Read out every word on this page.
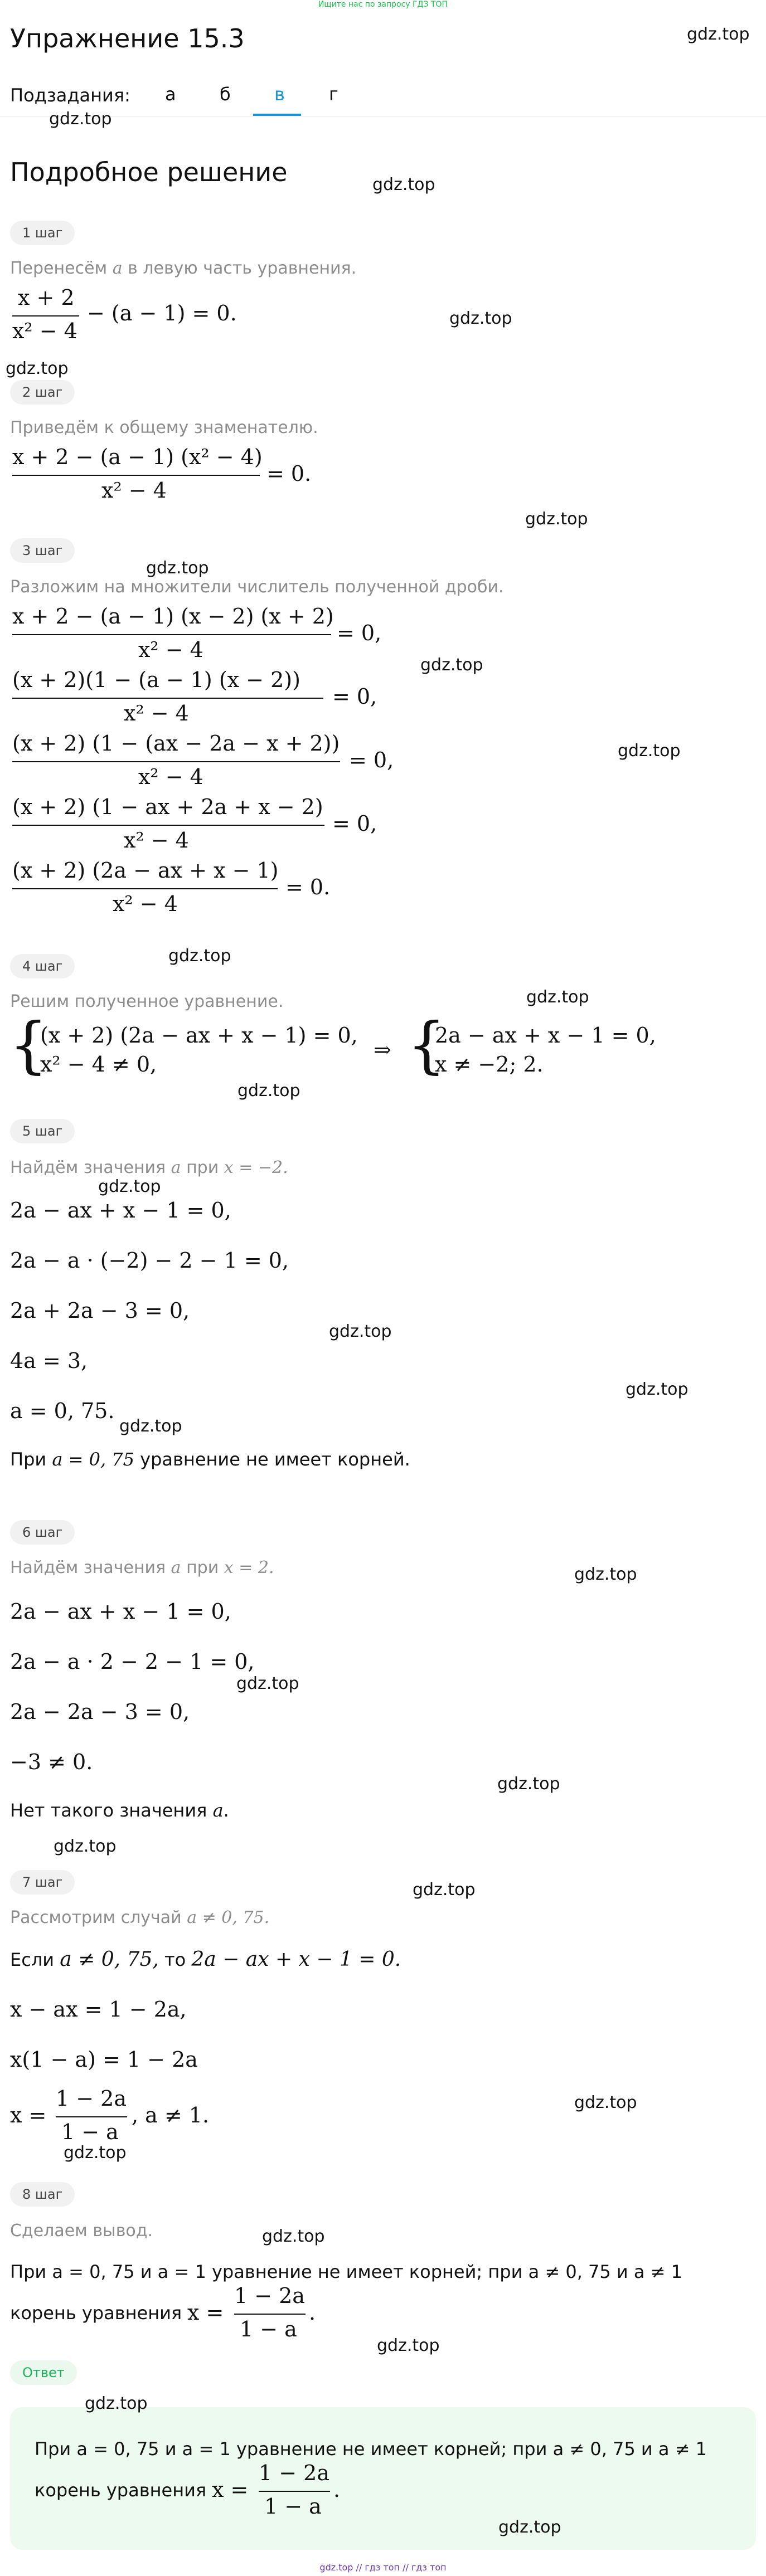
Ищите нас по запросу ГДЗ ТОП
Упражнение 15.3	gdz.top
Подзадания: а б в г
gdz.top
Подробное решение	gdz.top
1 шаг
Перенесём a в левую часть уравнения.
x + 2
x² − 4
− (a − 1) = 0.	gdz.top
gdz.top
2 шаг
Приведём к общему знаменателю.
x + 2 − (a − 1) (x² − 4)
x² − 4
= 0.
gdz.top
3 шаг
gdz.top
Разложим на множители числитель полученной дроби.
x + 2 − (a − 1) (x − 2) (x + 2)
x² − 4
= 0,
gdz.top
(x + 2)(1 − (a − 1) (x − 2))
x² − 4
= 0,
(x + 2) (1 − (ax − 2a − x + 2))
x² − 4
= 0,	gdz.top
(x + 2) (1 − ax + 2a + x − 2)
x² − 4
= 0,
(x + 2) (2a − ax + x − 1)
x² − 4
= 0.
4 шаг
gdz.top
gdz.top
Решим полученное уравнение.
{
(x + 2) (2a − ax + x − 1) = 0,
x² − 4 ≠ 0,
⇒ {
2a − ax + x − 1 = 0,
x ≠ −2; 2.
gdz.top
5 шаг
Найдём значения a при x = −2.
gdz.top
2a − ax + x − 1 = 0,
2a − a · (−2) − 2 − 1 = 0,
2a + 2a − 3 = 0,
gdz.top
4a = 3,
gdz.top
a = 0, 75.
gdz.top
При a = 0, 75 уравнение не имеет корней.
6 шаг
Найдём значения a при x = 2.	gdz.top
2a − ax + x − 1 = 0,
2a − a · 2 − 2 − 1 = 0,
gdz.top
2a − 2a − 3 = 0,
−3 ≠ 0.
gdz.top
Нет такого значения a.
gdz.top
7 шаг	gdz.top
Рассмотрим случай a ≠ 0, 75.
Если a ≠ 0, 75, то 2a − ax + x − 1 = 0.
x − ax = 1 − 2a,
x(1 − a) = 1 − 2a
x =
1 − 2a
1 − a
, a ≠ 1.
gdz.top
gdz.top
8 шаг
Сделаем вывод.	gdz.top
При a = 0, 75 и a = 1 уравнение не имеет корней; при a ≠ 0, 75 и a ≠ 1
корень уравнения x =
1 − 2a
1 − a
.
gdz.top
Ответ
gdz.top
При a = 0, 75 и a = 1 уравнение не имеет корней; при a ≠ 0, 75 и a ≠ 1
корень уравнения x =
1 − 2a
1 − a
.
gdz.top
gdz.top // гдз топ // гдз топ
